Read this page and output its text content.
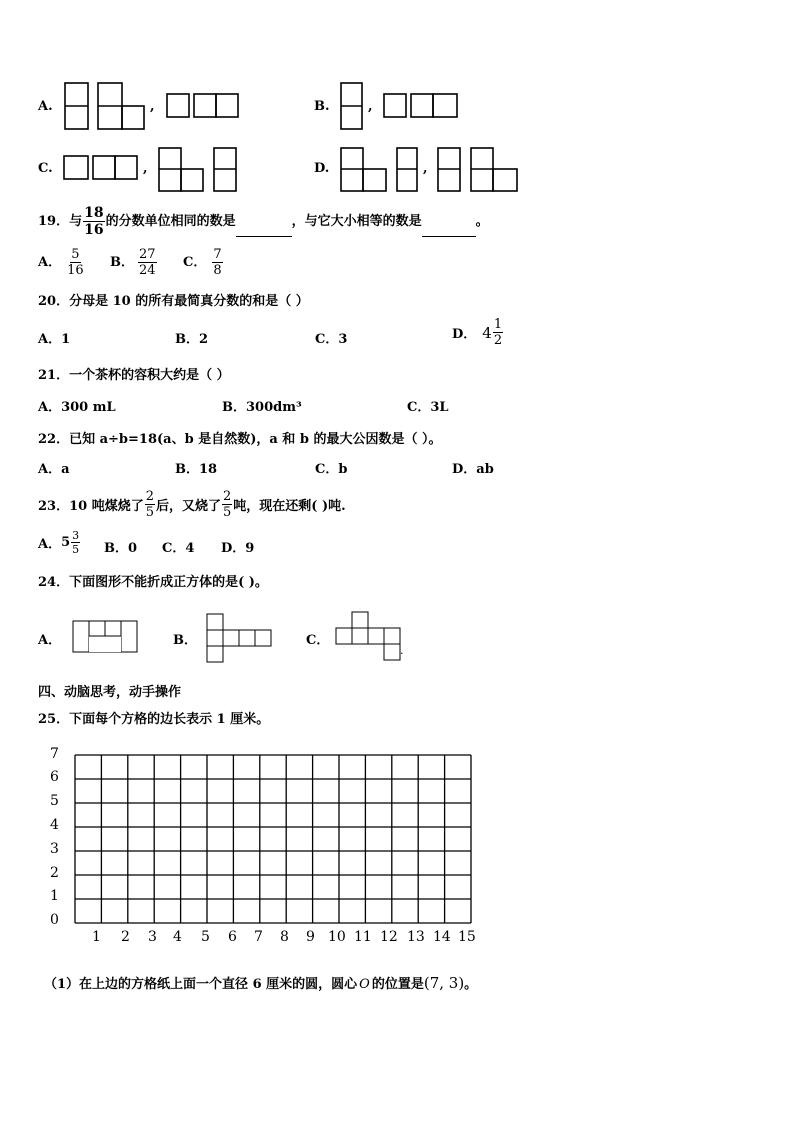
A.	,	B.	,
C.	,	D.	,
19．与 $\frac{18}{16}$ 的分数单位相同的数是	，与它大小相等的数是	。
A． $\frac{5}{16}$ B． $\frac{27}{24}$ C． $\frac{7}{8}$
20．分母是 10 的所有最简真分数的和是（ ）
A．1	B．2	C．3	D． $4 \frac{1}{2}$
21．一个茶杯的容积大约是（ ）
A．300 mL	B．300dm³	C．3L
22．已知 a÷b=18(a、b 是自然数)，a 和 b 的最大公因数是（ ）。
A．a	B．18	C．b	D．ab
23．10 吨煤烧了 $\frac{2}{5}$ 后，又烧了 $\frac{2}{5}$ 吨，现在还剩( )吨.
A．$5 \frac{3}{5}$ B．0 C．4 D．9
24．下面图形不能折成正方体的是( )。
A．	B．	C．
.
四、动脑思考，动手操作
25．下面每个方格的边长表示 1 厘米。
7
6
5
4
3
2
1
0
1 2 3 4 5 6 7 8 9 10 11 12 13 14 15
（1）在上边的方格纸上面一个直径 6 厘米的圆，圆心 O 的位置是(7, 3)。
